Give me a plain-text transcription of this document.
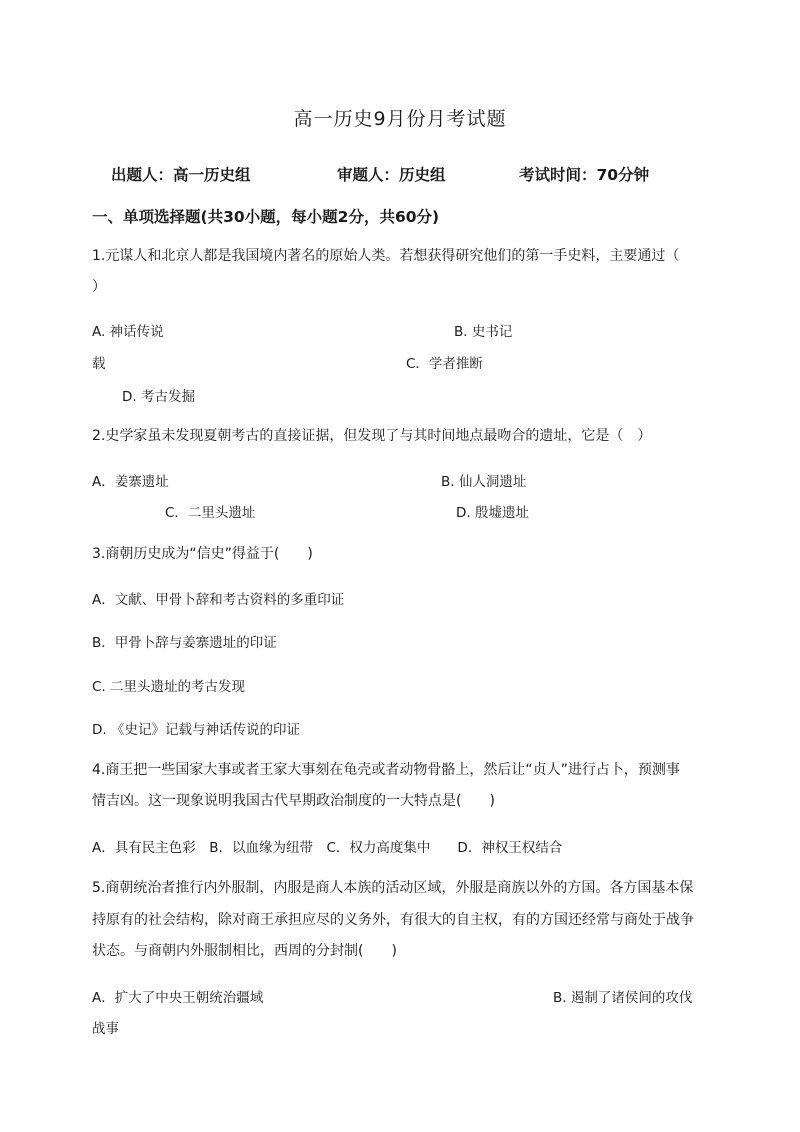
高一历史9月份月考试题
出题人：高一历史组	审题人：历史组	考试时间：70分钟
一、单项选择题(共30小题，每小题2分，共60分)
1.元谋人和北京人都是我国境内著名的原始人类。若想获得研究他们的第一手史料，主要通过（
）
A. 神话传说	B. 史书记
载	C．学者推断
D. 考古发掘
2.史学家虽未发现夏朝考古的直接证据，但发现了与其时间地点最吻合的遗址，它是（　）
A．姜寨遗址	B. 仙人洞遗址
C．二里头遗址	D. 殷墟遗址
3.商朝历史成为“信史”得益于(　　)
A．文献、甲骨卜辞和考古资料的多重印证
B．甲骨卜辞与姜寨遗址的印证
C. 二里头遗址的考古发现
D. 《史记》记载与神话传说的印证
4.商王把一些国家大事或者王家大事刻在龟壳或者动物骨骼上，然后让“贞人”进行占卜，预测事
情吉凶。这一现象说明我国古代早期政治制度的一大特点是(　　)
A．具有民主色彩　B．以血缘为纽带　C．权力高度集中　　D．神权王权结合
5.商朝统治者推行内外服制，内服是商人本族的活动区域，外服是商族以外的方国。各方国基本保
持原有的社会结构，除对商王承担应尽的义务外，有很大的自主权，有的方国还经常与商处于战争
状态。与商朝内外服制相比，西周的分封制(　　)
A．扩大了中央王朝统治疆域	B. 遏制了诸侯间的攻伐
战事
